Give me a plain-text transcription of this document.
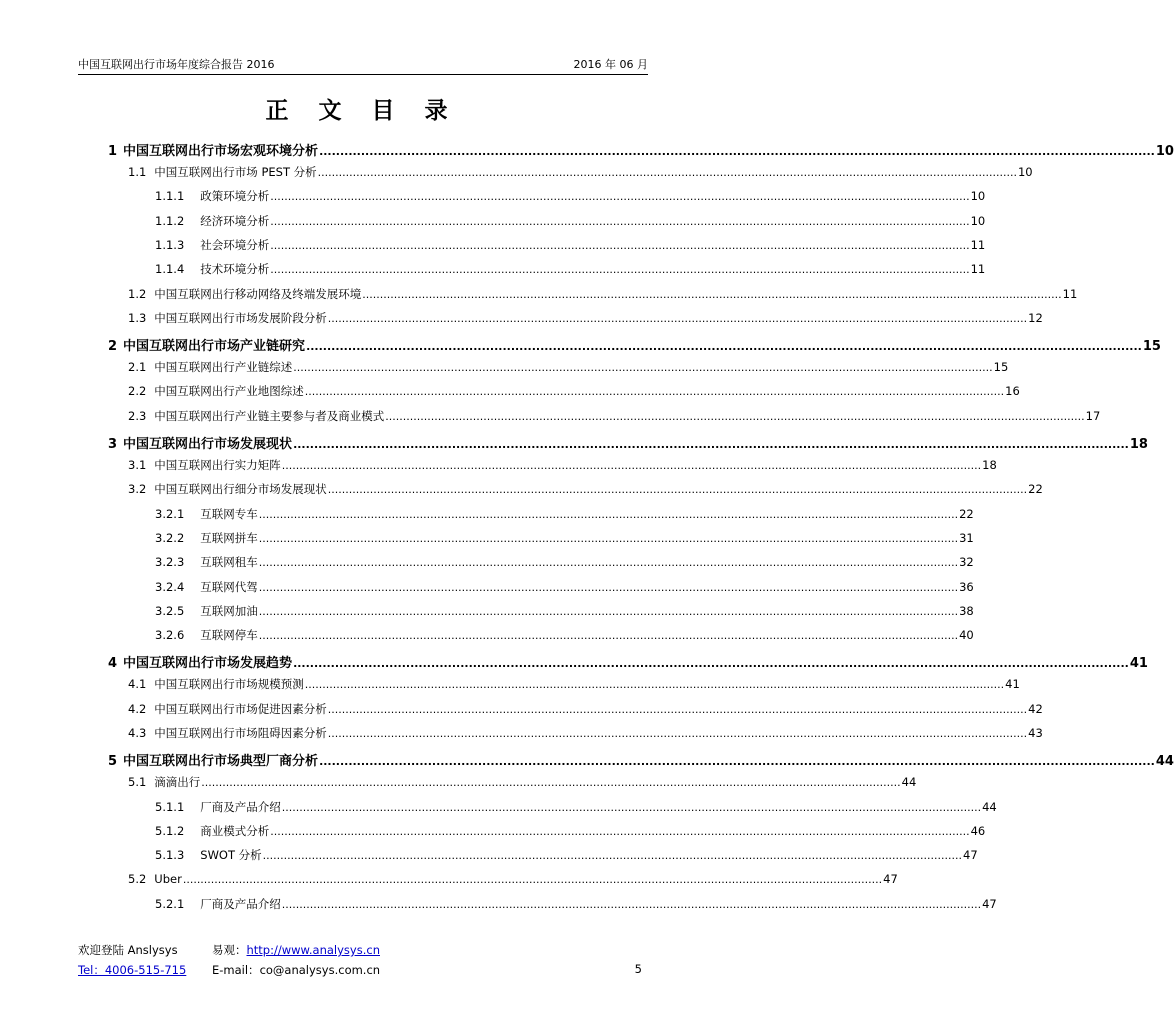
中国互联网出行市场年度综合报告 2016	2016 年 06 月
正 文 目 录
1 中国互联网出行市场宏观环境分析 ........................................................................................................................................................................................................ 10
1.1 中国互联网出行市场 PEST 分析 ........................................................................................................................................................................................................ 10
1.1.1 政策环境分析 ........................................................................................................................................................................................................ 10
1.1.2 经济环境分析 ........................................................................................................................................................................................................ 10
1.1.3 社会环境分析 ........................................................................................................................................................................................................ 11
1.1.4 技术环境分析 ........................................................................................................................................................................................................ 11
1.2 中国互联网出行移动网络及终端发展环境 ........................................................................................................................................................................................................ 11
1.3 中国互联网出行市场发展阶段分析 ........................................................................................................................................................................................................ 12
2 中国互联网出行市场产业链研究 ........................................................................................................................................................................................................ 15
2.1 中国互联网出行产业链综述 ........................................................................................................................................................................................................ 15
2.2 中国互联网出行产业地图综述 ........................................................................................................................................................................................................ 16
2.3 中国互联网出行产业链主要参与者及商业模式 ........................................................................................................................................................................................................ 17
3 中国互联网出行市场发展现状 ........................................................................................................................................................................................................ 18
3.1 中国互联网出行实力矩阵 ........................................................................................................................................................................................................ 18
3.2 中国互联网出行细分市场发展现状 ........................................................................................................................................................................................................ 22
3.2.1 互联网专车 ........................................................................................................................................................................................................ 22
3.2.2 互联网拼车 ........................................................................................................................................................................................................ 31
3.2.3 互联网租车 ........................................................................................................................................................................................................ 32
3.2.4 互联网代驾 ........................................................................................................................................................................................................ 36
3.2.5 互联网加油 ........................................................................................................................................................................................................ 38
3.2.6 互联网停车 ........................................................................................................................................................................................................ 40
4 中国互联网出行市场发展趋势 ........................................................................................................................................................................................................ 41
4.1 中国互联网出行市场规模预测 ........................................................................................................................................................................................................ 41
4.2 中国互联网出行市场促进因素分析 ........................................................................................................................................................................................................ 42
4.3 中国互联网出行市场阻碍因素分析 ........................................................................................................................................................................................................ 43
5 中国互联网出行市场典型厂商分析 ........................................................................................................................................................................................................ 44
5.1 滴滴出行 ........................................................................................................................................................................................................ 44
5.1.1 厂商及产品介绍 ........................................................................................................................................................................................................ 44
5.1.2 商业模式分析 ........................................................................................................................................................................................................ 46
5.1.3 SWOT 分析 ........................................................................................................................................................................................................ 47
5.2 Uber ........................................................................................................................................................................................................ 47
5.2.1 厂商及产品介绍 ........................................................................................................................................................................................................ 47
欢迎登陆 Anslysys
Tel：4006-515-715
易观：http://www.analysys.cn
E-mail：co@analysys.com.cn	5
